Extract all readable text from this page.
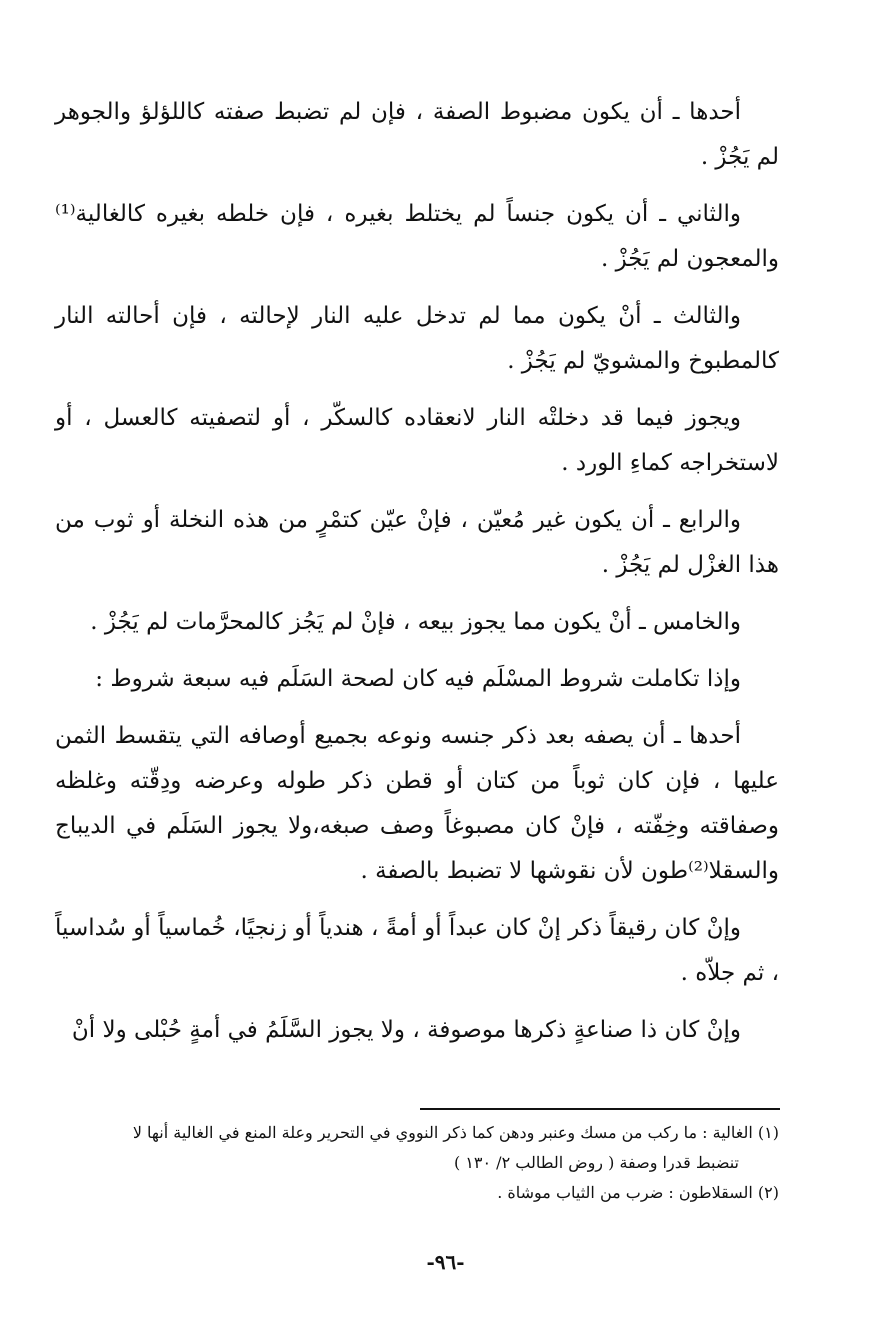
أحدها ـ أن يكون مضبوط الصفة ، فإن لم تضبط صفته كاللؤلؤ والجوهر لم يَجُزْ .

والثاني ـ أن يكون جنساً لم يختلط بغيره ، فإن خلطه بغيره كالغالية⁽¹⁾ والمعجون لم يَجُزْ .

والثالث ـ أنْ يكون مما لم تدخل عليه النار لإحالته ، فإن أحالته النار كالمطبوخ والمشويّ لم يَجُزْ .

ويجوز فيما قد دخلتْه النار لانعقاده كالسكّر ، أو لتصفيته كالعسل ، أو لاستخراجه كماءِ الورد .

والرابع ـ أن يكون غير مُعيّن ، فإنْ عيّن كتمْرٍ من هذه النخلة أو ثوب من هذا الغزْل لم يَجُزْ .

والخامس ـ أنْ يكون مما يجوز بيعه ، فإنْ لم يَجُز كالمحرَّمات لم يَجُزْ .

وإذا تكاملت شروط المسْلَم فيه كان لصحة السَلَم فيه سبعة شروط :

أحدها ـ أن يصفه بعد ذكر جنسه ونوعه بجميع أوصافه التي يتقسط الثمن عليها ، فإن كان ثوباً من كتان أو قطن ذكر طوله وعرضه ودِقّته وغلظه وصفاقته وخِفّته ، فإنْ كان مصبوغاً وصف صبغه،ولا يجوز السَلَم في الديباج والسقلا⁽²⁾طون لأن نقوشها لا تضبط بالصفة .

وإنْ كان رقيقاً ذكر إنْ كان عبداً أو أمةً ، هندياً أو زنجيًا، خُماسياً أو سُداسياً ، ثم جلاّه .

وإنْ كان ذا صناعةٍ ذكرها موصوفة ، ولا يجوز السَّلَمُ في أمةٍ حُبْلى ولا أنْ

(١) الغالية : ما ركب من مسك وعنبر ودهن كما ذكر النووي في التحرير وعلة المنع في الغالية أنها لا

تنضبط قدرا وصفة ( روض الطالب ٢/ ١٣٠ )

(٢) السقلاطون : ضرب من الثياب موشاة .

-٩٦-
